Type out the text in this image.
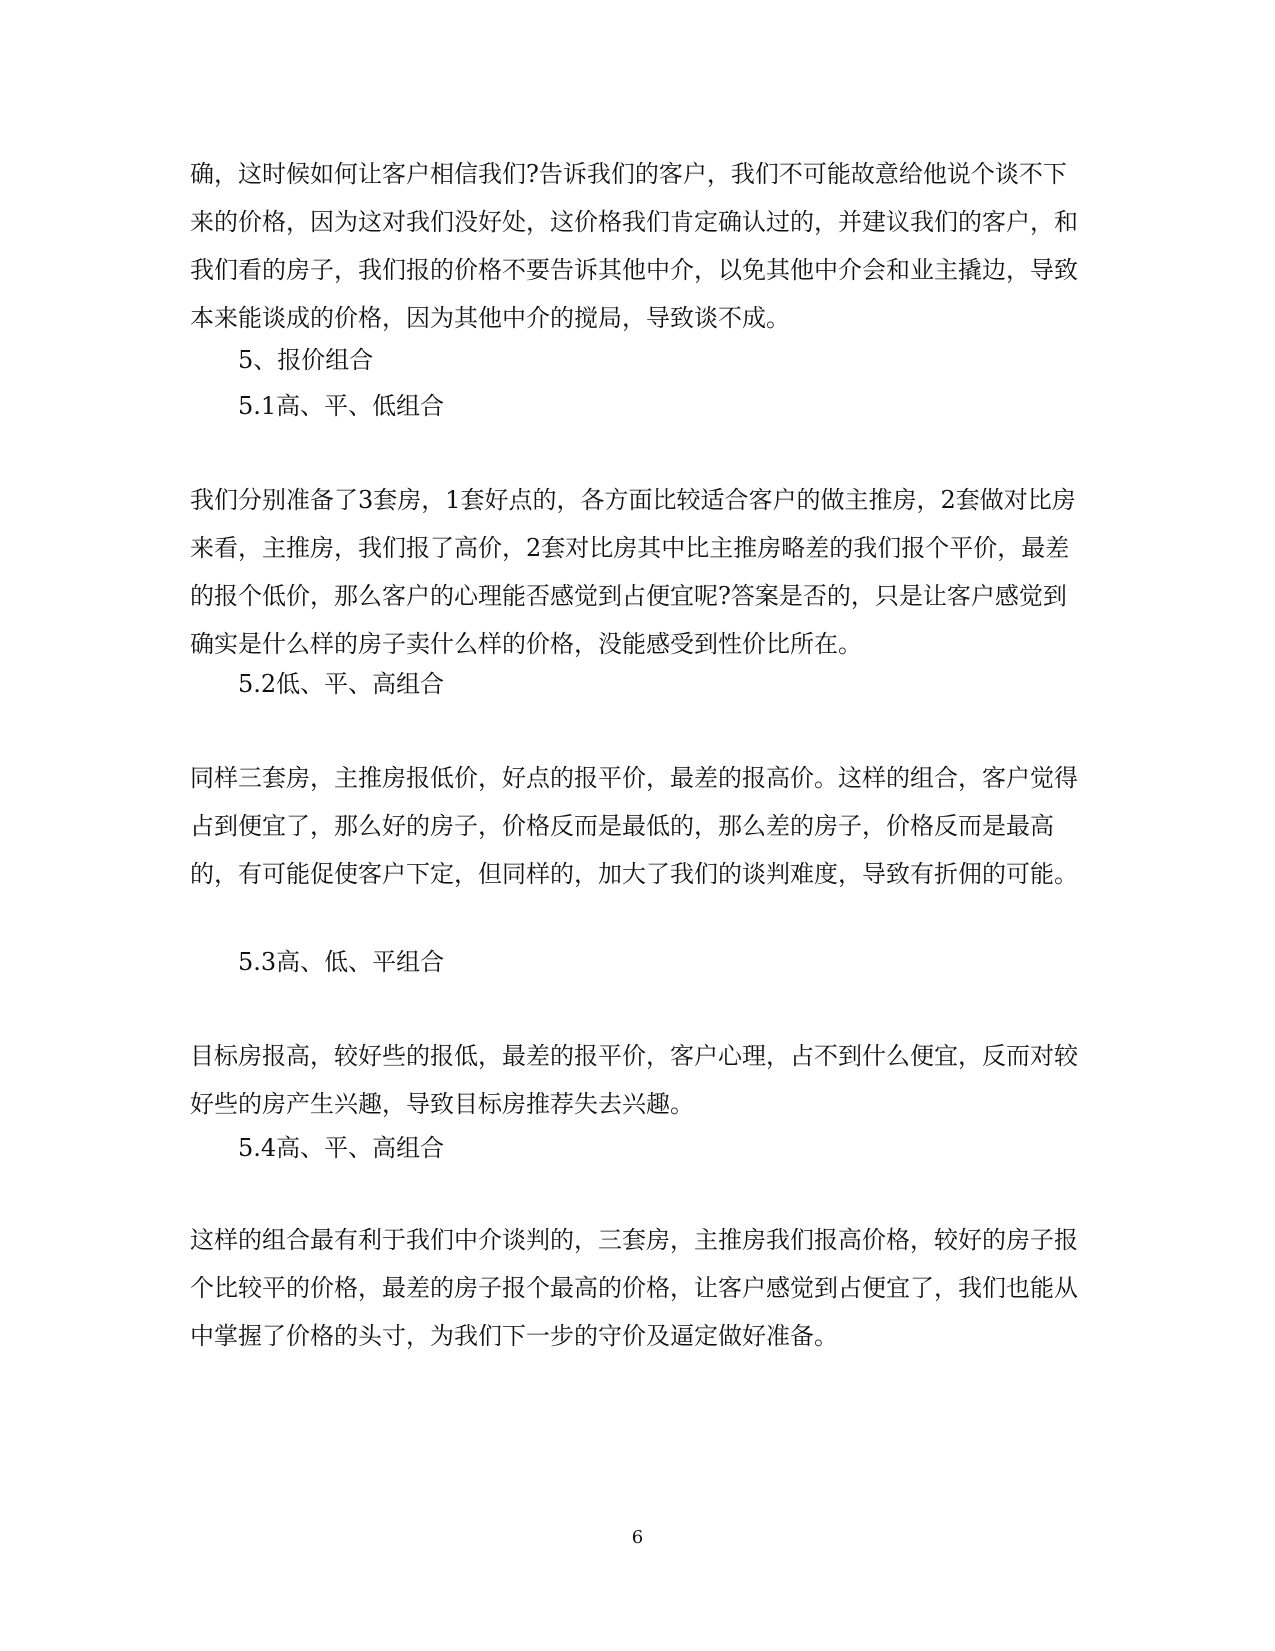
确，这时候如何让客户相信我们?告诉我们的客户，我们不可能故意给他说个谈不下来的价格，因为这对我们没好处，这价格我们肯定确认过的，并建议我们的客户，和我们看的房子，我们报的价格不要告诉其他中介，以免其他中介会和业主撬边，导致本来能谈成的价格，因为其他中介的搅局，导致谈不成。

5、报价组合

5.1高、平、低组合

我们分别准备了3套房，1套好点的，各方面比较适合客户的做主推房，2套做对比房来看，主推房，我们报了高价，2套对比房其中比主推房略差的我们报个平价，最差的报个低价，那么客户的心理能否感觉到占便宜呢?答案是否的，只是让客户感觉到确实是什么样的房子卖什么样的价格，没能感受到性价比所在。

5.2低、平、高组合

同样三套房，主推房报低价，好点的报平价，最差的报高价。这样的组合，客户觉得占到便宜了，那么好的房子，价格反而是最低的，那么差的房子，价格反而是最高的，有可能促使客户下定，但同样的，加大了我们的谈判难度，导致有折佣的可能。

5.3高、低、平组合

目标房报高，较好些的报低，最差的报平价，客户心理，占不到什么便宜，反而对较好些的房产生兴趣，导致目标房推荐失去兴趣。

5.4高、平、高组合

这样的组合最有利于我们中介谈判的，三套房，主推房我们报高价格，较好的房子报个比较平的价格，最差的房子报个最高的价格，让客户感觉到占便宜了，我们也能从中掌握了价格的头寸，为我们下一步的守价及逼定做好准备。

6
